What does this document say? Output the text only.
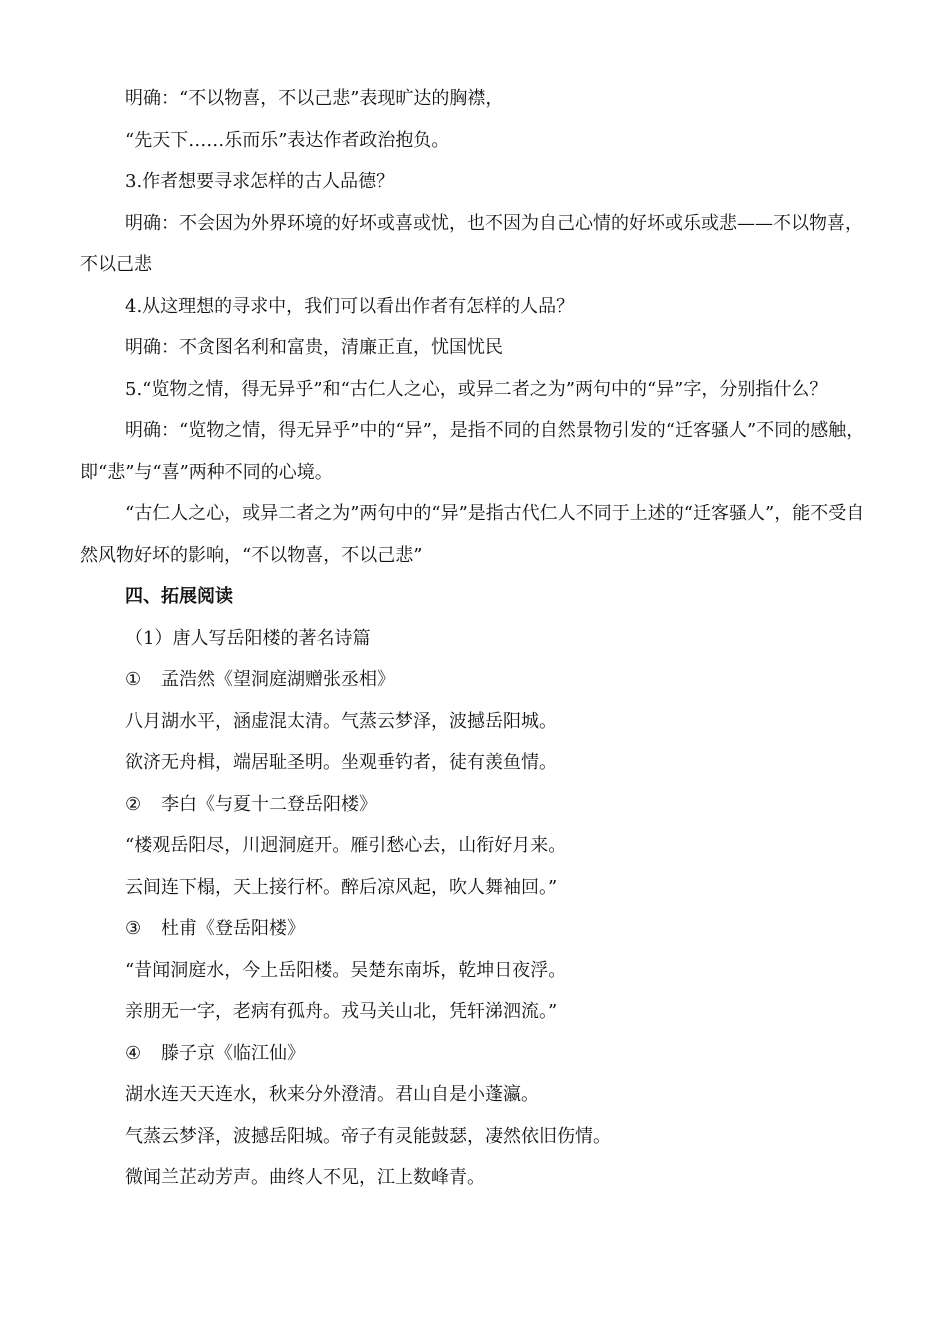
明确：“不以物喜，不以己悲”表现旷达的胸襟，

“先天下……乐而乐”表达作者政治抱负。

3.作者想要寻求怎样的古人品德？

明确：不会因为外界环境的好坏或喜或忧，也不因为自己心情的好坏或乐或悲——不以物喜，不以己悲

4.从这理想的寻求中，我们可以看出作者有怎样的人品？

明确：不贪图名利和富贵，清廉正直，忧国忧民

5.“览物之情，得无异乎”和“古仁人之心，或异二者之为”两句中的“异”字，分别指什么？

明确：“览物之情，得无异乎”中的“异”，是指不同的自然景物引发的“迁客骚人”不同的感触，即“悲”与“喜”两种不同的心境。

“古仁人之心，或异二者之为”两句中的“异”是指古代仁人不同于上述的“迁客骚人”，能不受自然风物好坏的影响，“不以物喜，不以己悲”

四、拓展阅读

（1）唐人写岳阳楼的著名诗篇

① 孟浩然《望洞庭湖赠张丞相》

八月湖水平，涵虚混太清。气蒸云梦泽，波撼岳阳城。

欲济无舟楫，端居耻圣明。坐观垂钓者，徒有羡鱼情。

② 李白《与夏十二登岳阳楼》

“楼观岳阳尽，川迥洞庭开。雁引愁心去，山衔好月来。

云间连下榻，天上接行杯。醉后凉风起，吹人舞袖回。”

③ 杜甫《登岳阳楼》

“昔闻洞庭水，今上岳阳楼。吴楚东南坼，乾坤日夜浮。

亲朋无一字，老病有孤舟。戎马关山北，凭轩涕泗流。”

④ 滕子京《临江仙》

湖水连天天连水，秋来分外澄清。君山自是小蓬瀛。

气蒸云梦泽，波撼岳阳城。帝子有灵能鼓瑟，凄然依旧伤情。

微闻兰芷动芳声。曲终人不见，江上数峰青。
